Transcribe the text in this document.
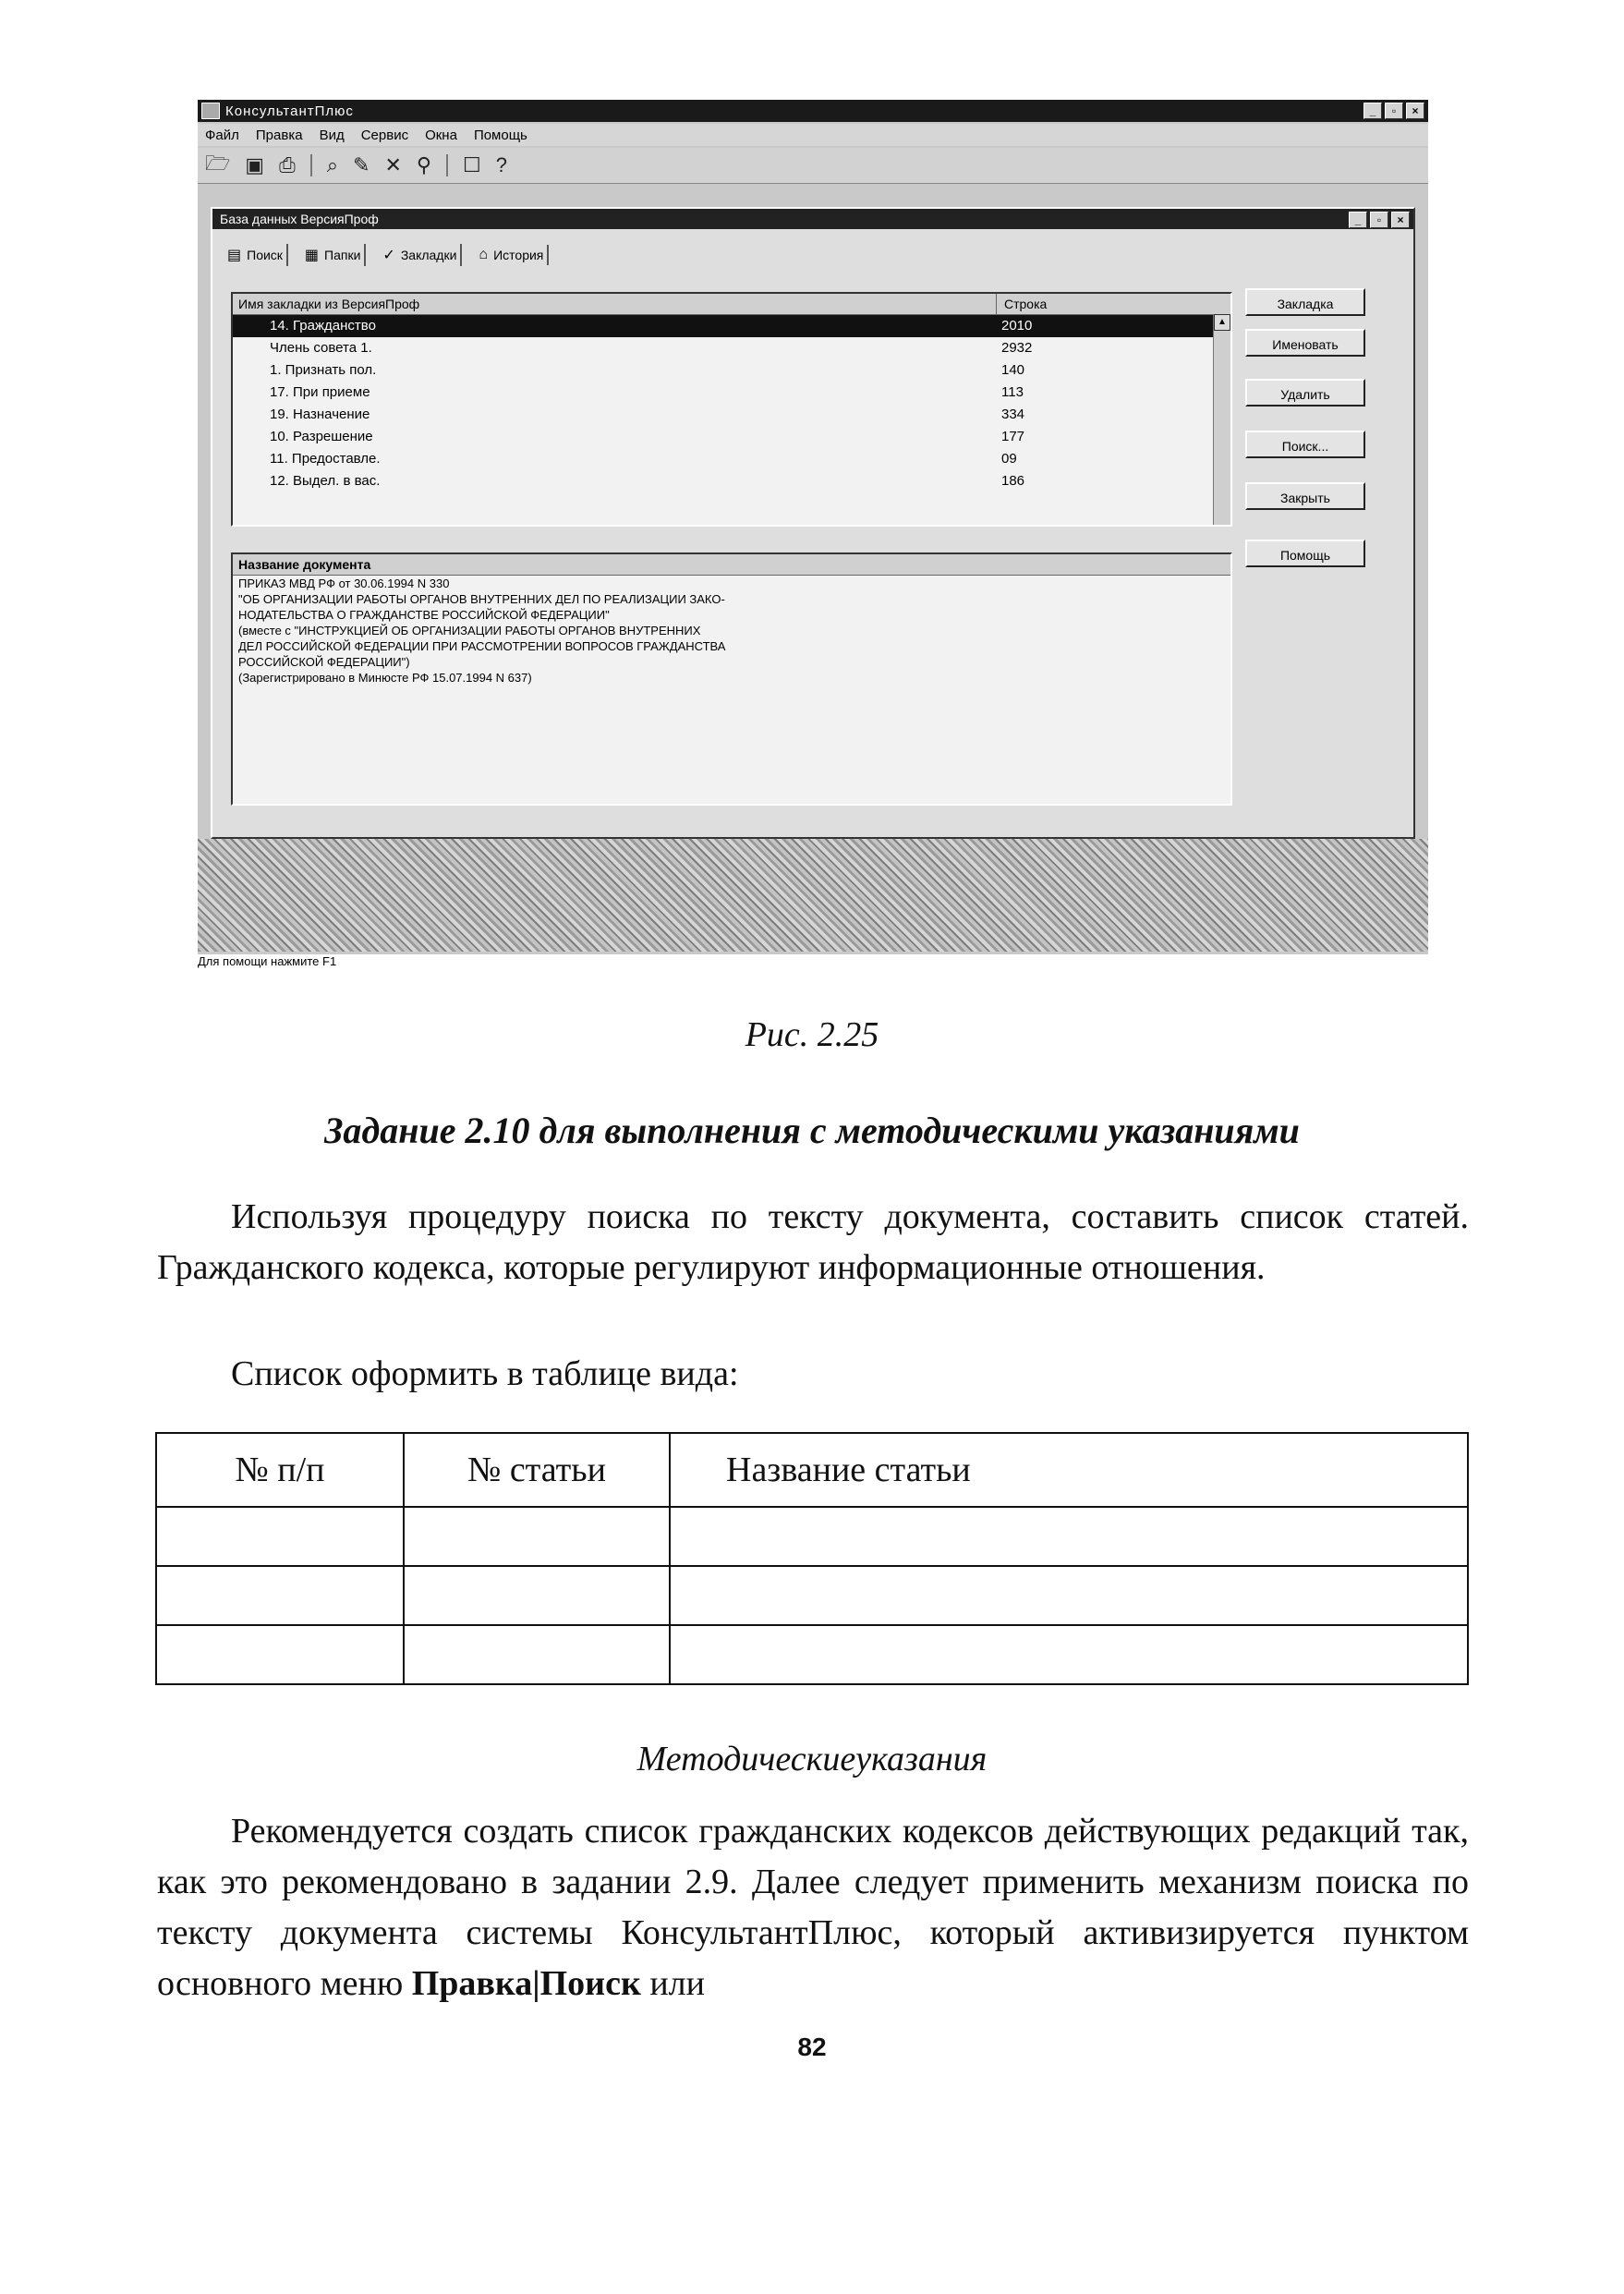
КонсультантПлюс	_	▫	×
Файл Правка Вид Сервис Окна Помощь
🗁 ▣ ⎙ ⌕ ✎ ✕ ⚲ ☐ ?
База данных ВерсияПроф	_	▫	×
▤ Поиск ▦ Папки ✓ Закладки ⌂ История
Имя закладки из ВерсияПроф	Строка
14. Гражданство	2010
Члень совета 1.	2932
1. Признать пол.	140
17. При приеме	113
19. Назначение	334
10. Разрешение	177
11. Предоставле.	09
12. Выдел. в вас.	186
▲
Закладка
Именовать
Удалить
Поиск...
Закрыть
Помощь
Название документа
ПРИКАЗ МВД РФ от 30.06.1994 N 330
"ОБ ОРГАНИЗАЦИИ РАБОТЫ ОРГАНОВ ВНУТРЕННИХ ДЕЛ ПО РЕАЛИЗАЦИИ ЗАКО-
НОДАТЕЛЬСТВА О ГРАЖДАНСТВЕ РОССИЙСКОЙ ФЕДЕРАЦИИ"
(вместе с "ИНСТРУКЦИЕЙ ОБ ОРГАНИЗАЦИИ РАБОТЫ ОРГАНОВ ВНУТРЕННИХ
ДЕЛ РОССИЙСКОЙ ФЕДЕРАЦИИ ПРИ РАССМОТРЕНИИ ВОПРОСОВ ГРАЖДАНСТВА
РОССИЙСКОЙ ФЕДЕРАЦИИ")
(Зарегистрировано в Минюсте РФ 15.07.1994 N 637)
Для помощи нажмите F1
Рис. 2.25
Задание 2.10 для выполнения с методическими указаниями
Используя процедуру поиска по тексту документа, составить список статей. Гражданского кодекса, которые регулируют информационные отношения.
Список оформить в таблице вида:
№ п/п	№ статьи	Название статьи

Методическиеуказания
Рекомендуется создать список гражданских кодексов действующих редакций так, как это рекомендовано в задании 2.9. Далее следует применить механизм поиска по тексту документа системы КонсультантПлюс, который активизируется пунктом основного меню Правка|Поиск или
82
